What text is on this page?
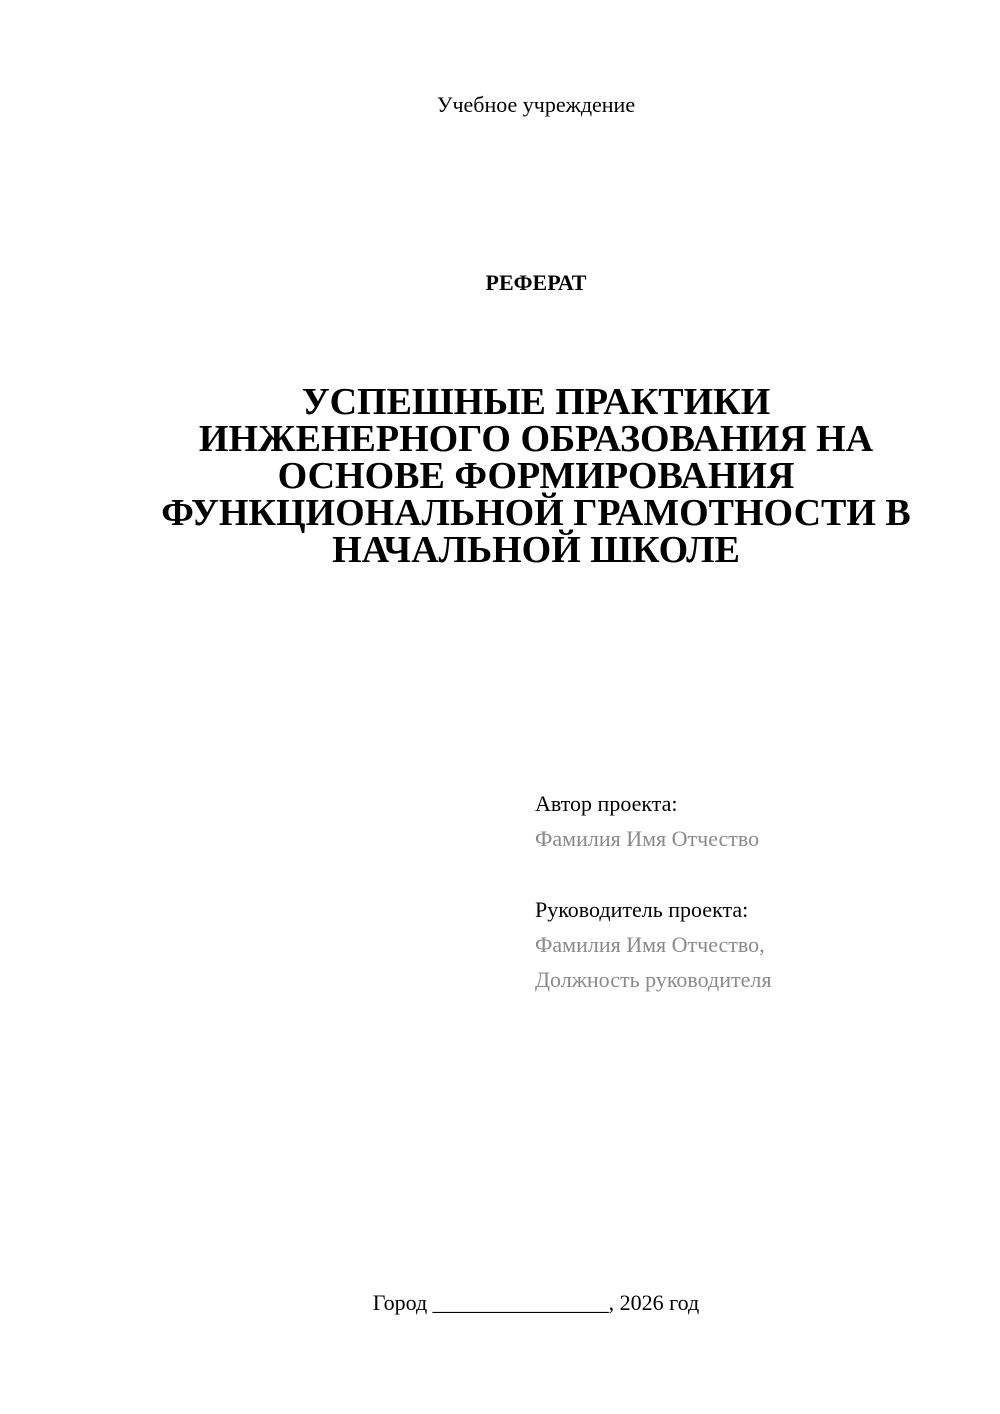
Учебное учреждение
РЕФЕРАТ
УСПЕШНЫЕ ПРАКТИКИ
ИНЖЕНЕРНОГО ОБРАЗОВАНИЯ НА
ОСНОВЕ ФОРМИРОВАНИЯ
ФУНКЦИОНАЛЬНОЙ ГРАМОТНОСТИ В
НАЧАЛЬНОЙ ШКОЛЕ
Автор проекта:
Фамилия Имя Отчество
Руководитель проекта:
Фамилия Имя Отчество,
Должность руководителя
Город ________________, 2026 год
